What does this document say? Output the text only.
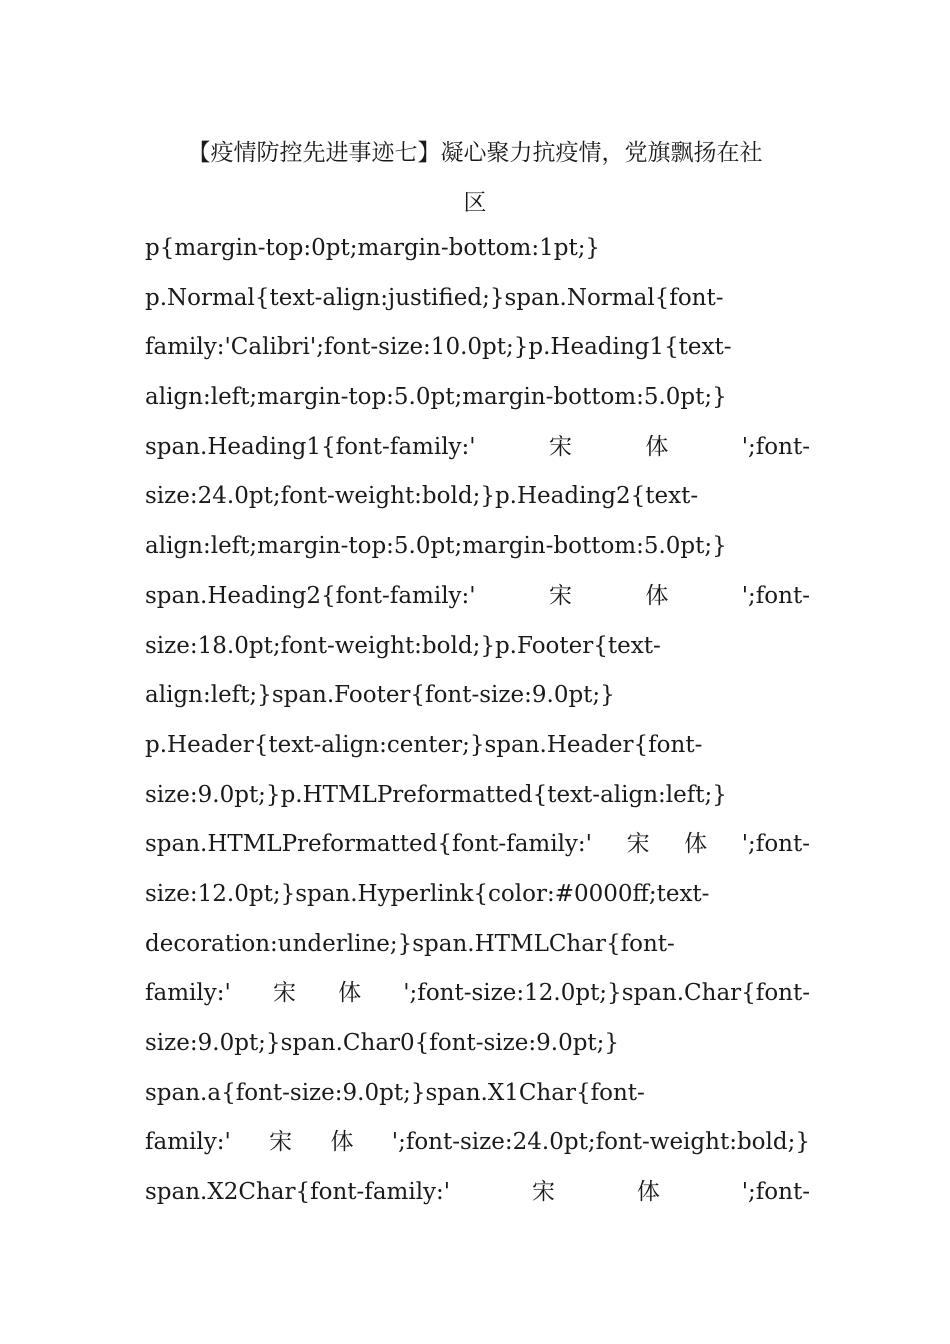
【疫情防控先进事迹七】凝心聚力抗疫情，党旗飘扬在社
区
p{margin-top:0pt;margin-bottom:1pt;}
p.Normal{text-align:justified;}span.Normal{font-
family:'Calibri';font-size:10.0pt;}p.Heading1{text-
align:left;margin-top:5.0pt;margin-bottom:5.0pt;}
span.Heading1{font-family:'	宋	体	';font-
size:24.0pt;font-weight:bold;}p.Heading2{text-
align:left;margin-top:5.0pt;margin-bottom:5.0pt;}
span.Heading2{font-family:'	宋	体	';font-
size:18.0pt;font-weight:bold;}p.Footer{text-
align:left;}span.Footer{font-size:9.0pt;}
p.Header{text-align:center;}span.Header{font-
size:9.0pt;}p.HTMLPreformatted{text-align:left;}
span.HTMLPreformatted{font-family:' 宋 体 ';font-
size:12.0pt;}span.Hyperlink{color:#0000ff;text-
decoration:underline;}span.HTMLChar{font-
family:' 宋 体 ';font-size:12.0pt;}span.Char{font-
size:9.0pt;}span.Char0{font-size:9.0pt;}
span.a{font-size:9.0pt;}span.X1Char{font-
family:' 宋 体 ';font-size:24.0pt;font-weight:bold;}
span.X2Char{font-family:'	宋	体	';font-
